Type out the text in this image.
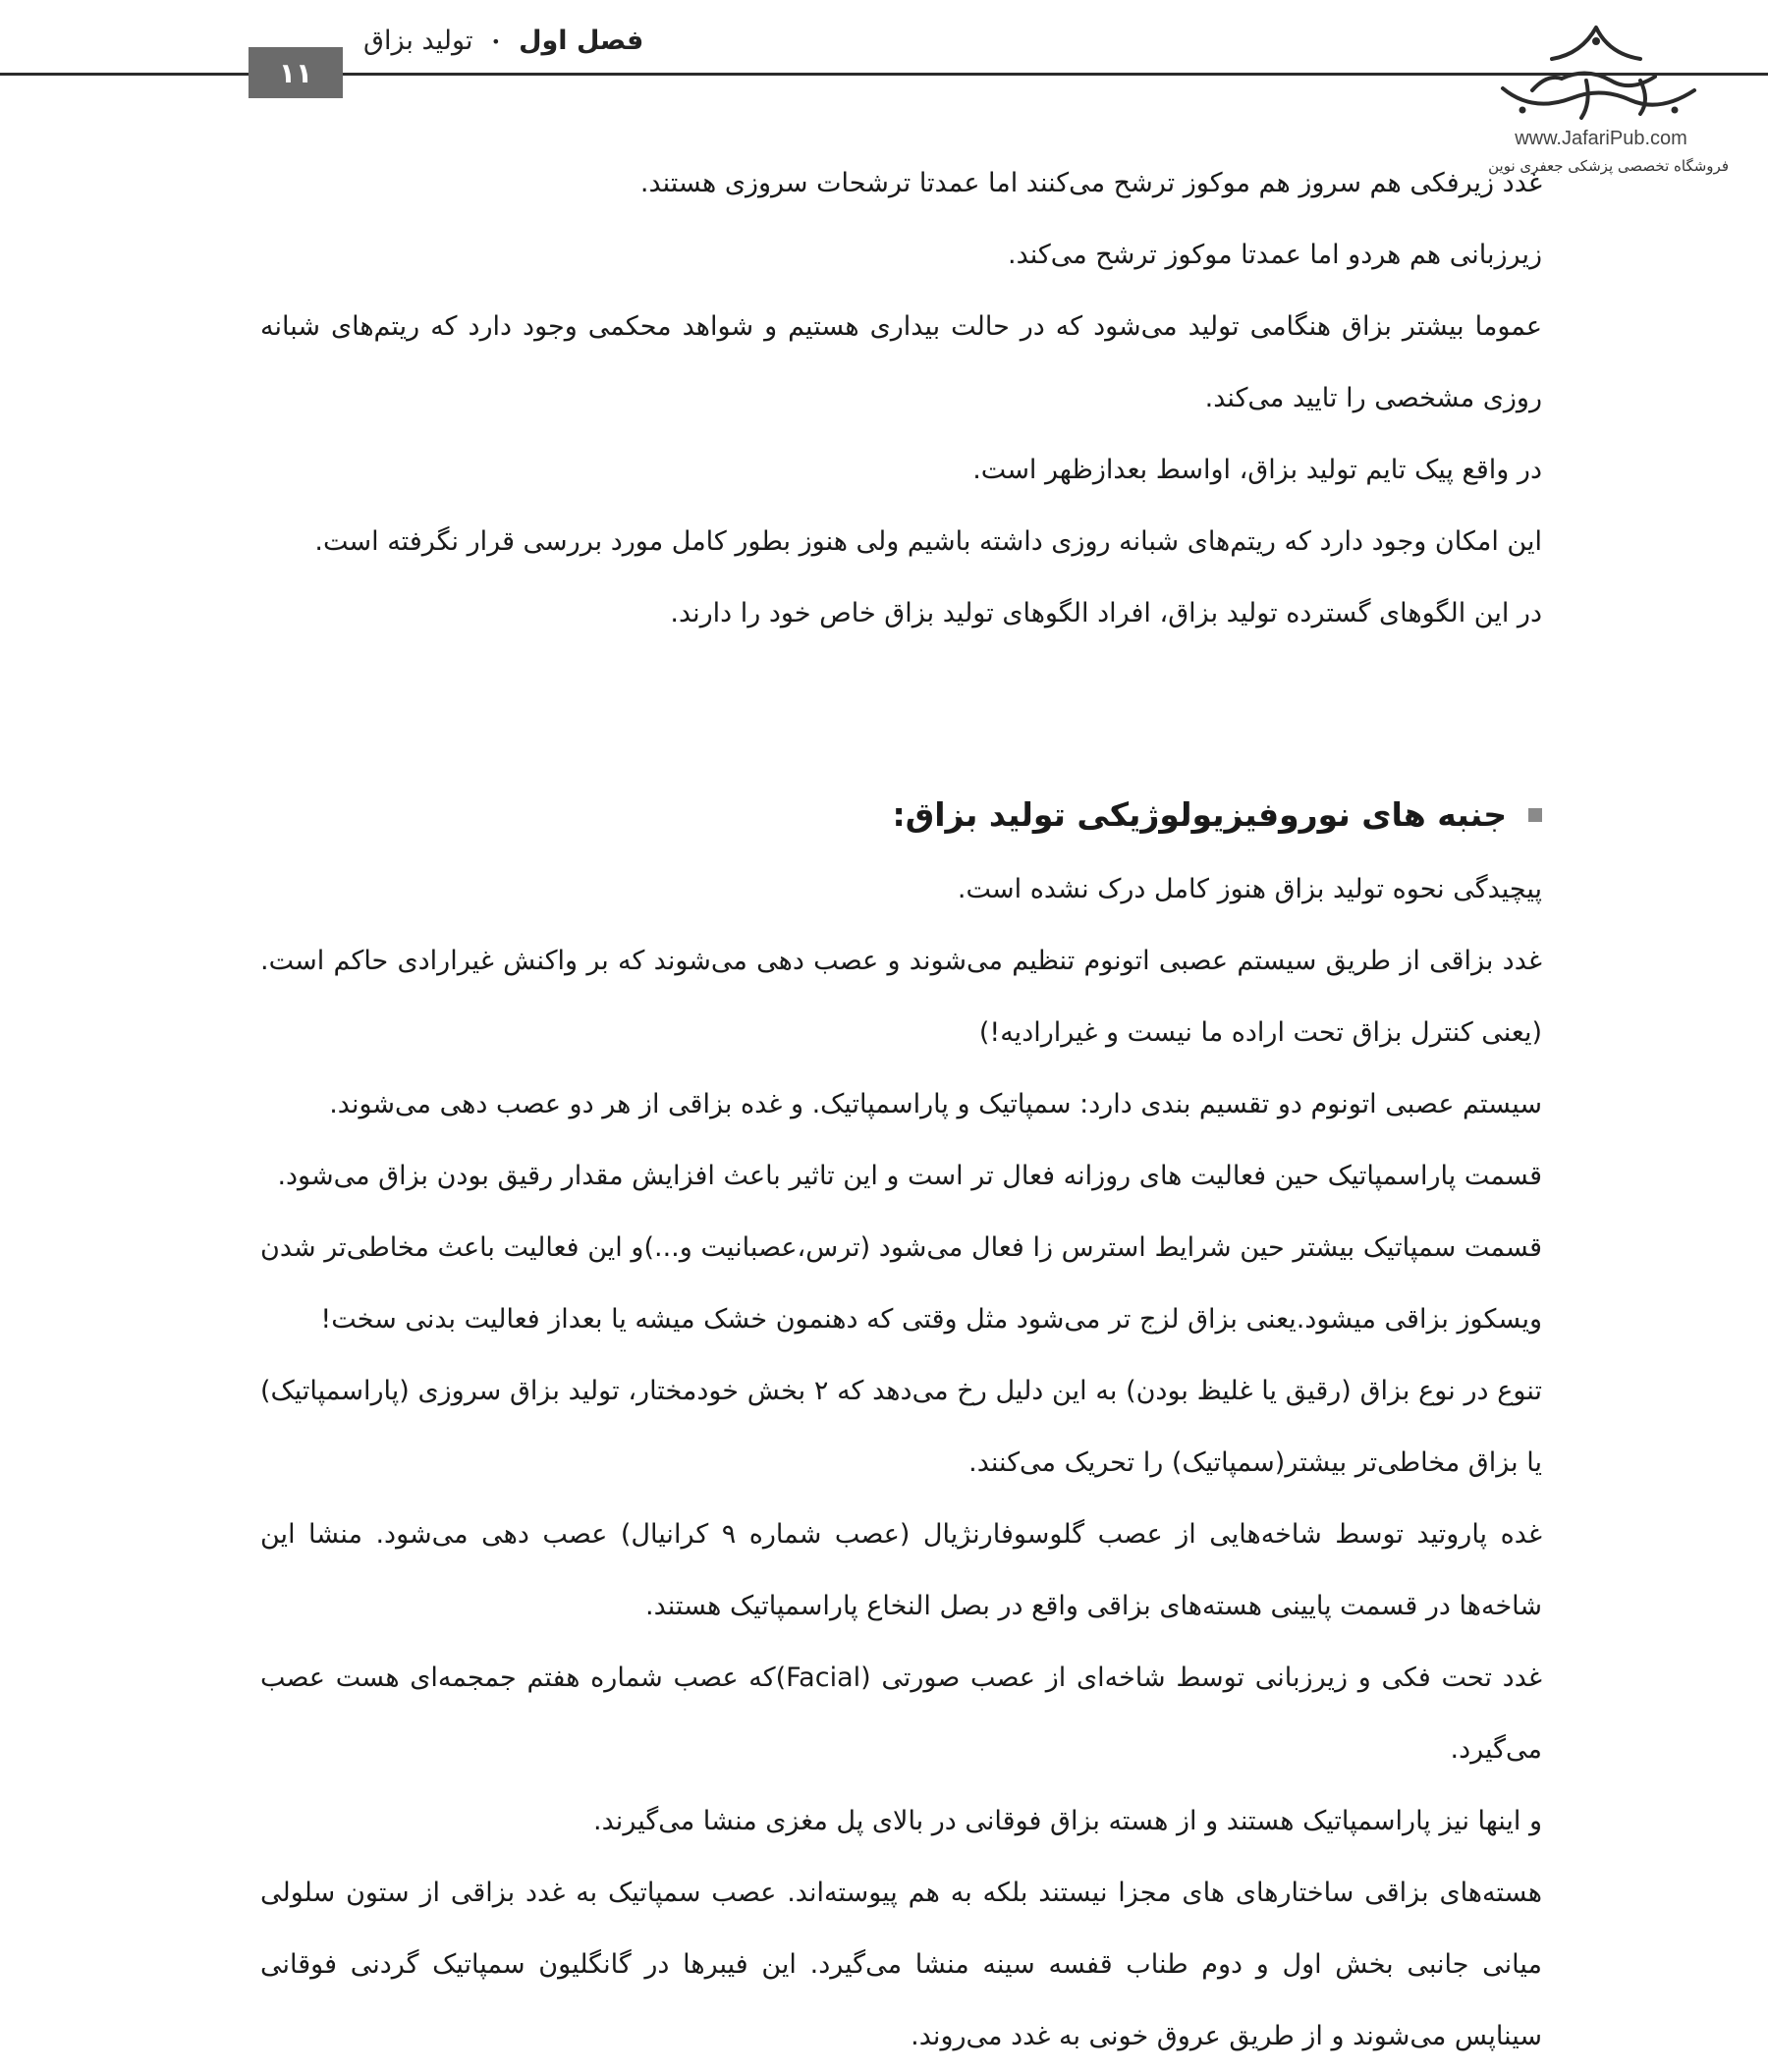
۱۱
فصل اول • تولید بزاق
www.JafariPub.com
فروشگاه تخصصی پزشکی جعفری نوین

غدد زیرفکی هم سروز هم موکوز ترشح می‌کنند اما عمدتا ترشحات سروزی هستند.

زیرزبانی هم هردو اما عمدتا موکوز ترشح می‌کند.

عموما بیشتر بزاق هنگامی تولید می‌شود که در حالت بیداری هستیم و شواهد محکمی وجود دارد که ریتم‌های شبانه روزی مشخصی را تایید می‌کند.

در واقع پیک تایم تولید بزاق، اواسط بعدازظهر است.

این امکان وجود دارد که ریتم‌های شبانه روزی داشته باشیم ولی هنوز بطور کامل مورد بررسی قرار نگرفته است.

در این الگوهای گسترده تولید بزاق، افراد الگوهای تولید بزاق خاص خود را دارند.

جنبه های نوروفیزیولوژیکی تولید بزاق:

پیچیدگی نحوه تولید بزاق هنوز کامل درک نشده است.

غدد بزاقی از طریق سیستم عصبی اتونوم تنظیم می‌شوند و عصب دهی می‌شوند که بر واکنش غیرارادی حاکم است.(یعنی کنترل بزاق تحت اراده ما نیست و غیرارادیه!)

سیستم عصبی اتونوم دو تقسیم بندی دارد: سمپاتیک و پاراسمپاتیک. و غده بزاقی از هر دو عصب دهی می‌شوند.

قسمت پاراسمپاتیک حین فعالیت های روزانه فعال تر است و این تاثیر باعث افزایش مقدار رقیق بودن بزاق می‌شود.

قسمت سمپاتیک بیشتر حین شرایط استرس زا فعال می‌شود (ترس،عصبانیت و...)و این فعالیت باعث مخاطی‌تر شدن ویسکوز بزاقی میشود.یعنی بزاق لزج تر می‌شود مثل وقتی که دهنمون خشک میشه یا بعداز فعالیت بدنی سخت!

تنوع در نوع بزاق (رقیق یا غلیظ بودن) به این دلیل رخ می‌دهد که ۲ بخش خودمختار، تولید بزاق سروزی (پاراسمپاتیک) یا بزاق مخاطی‌تر بیشتر(سمپاتیک) را تحریک می‌کنند.

غده پاروتید توسط شاخه‌هایی از عصب گلوسوفارنژیال (عصب شماره ۹ کرانیال) عصب دهی می‌شود. منشا این شاخه‌ها در قسمت پایینی هسته‌های بزاقی واقع در بصل النخاع پاراسمپاتیک هستند.

غدد تحت فکی و زیرزبانی توسط شاخه‌ای از عصب صورتی (Facial)که عصب شماره هفتم جمجمه‌ای هست عصب می‌گیرد.

و اینها نیز پاراسمپاتیک هستند و از هسته بزاق فوقانی در بالای پل مغزی منشا می‌گیرند.

هسته‌های بزاقی ساختارهای های مجزا نیستند بلکه به هم پیوسته‌اند. عصب سمپاتیک به غدد بزاقی از ستون سلولی میانی جانبی بخش اول و دوم طناب قفسه سینه منشا می‌گیرد. این فیبرها در گانگلیون سمپاتیک گردنی فوقانی سیناپس می‌شوند و از طریق عروق خونی به غدد می‌روند.
